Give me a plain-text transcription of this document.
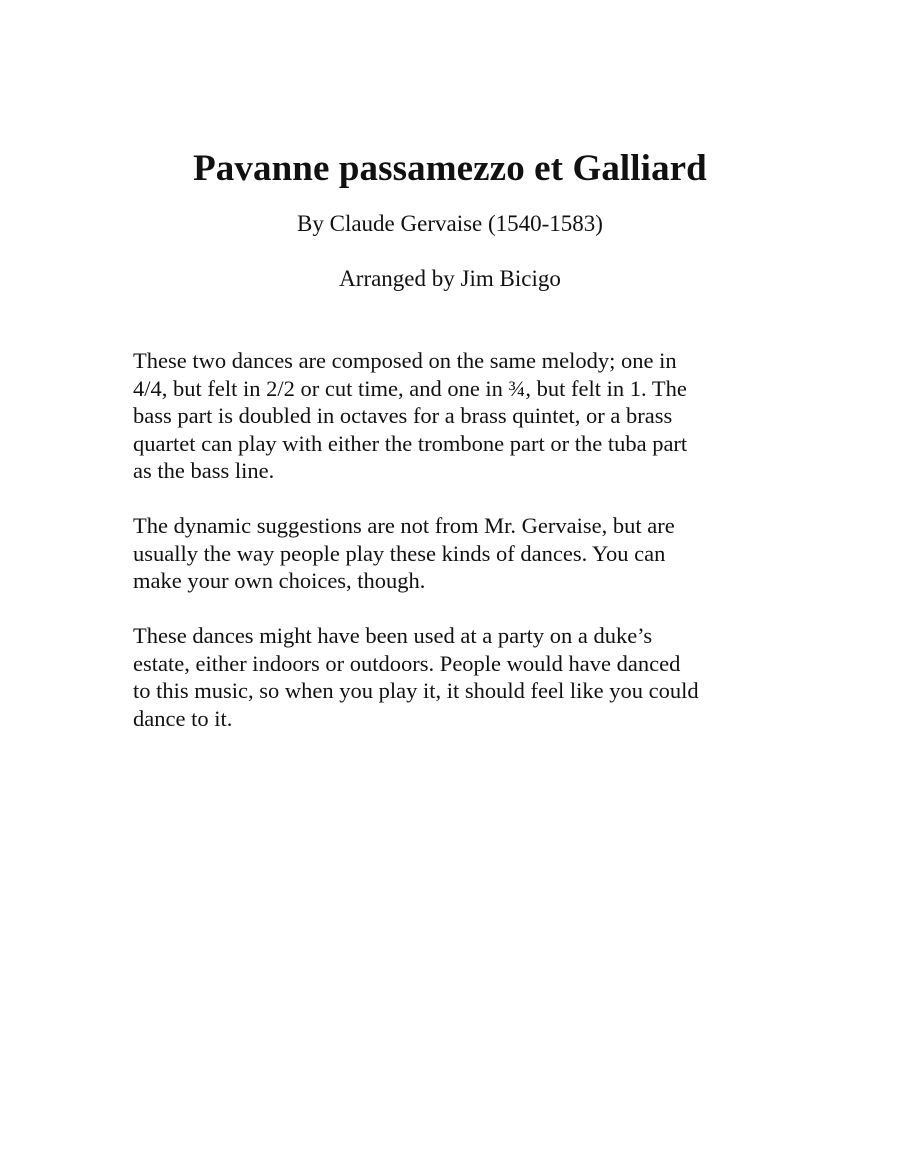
Pavanne passamezzo et Galliard
By Claude Gervaise (1540-1583)
Arranged by Jim Bicigo

These two dances are composed on the same melody; one in
4/4, but felt in 2/2 or cut time, and one in ¾, but felt in 1. The
bass part is doubled in octaves for a brass quintet, or a brass
quartet can play with either the trombone part or the tuba part
as the bass line.

The dynamic suggestions are not from Mr. Gervaise, but are
usually the way people play these kinds of dances. You can
make your own choices, though.

These dances might have been used at a party on a duke’s
estate, either indoors or outdoors. People would have danced
to this music, so when you play it, it should feel like you could
dance to it.
